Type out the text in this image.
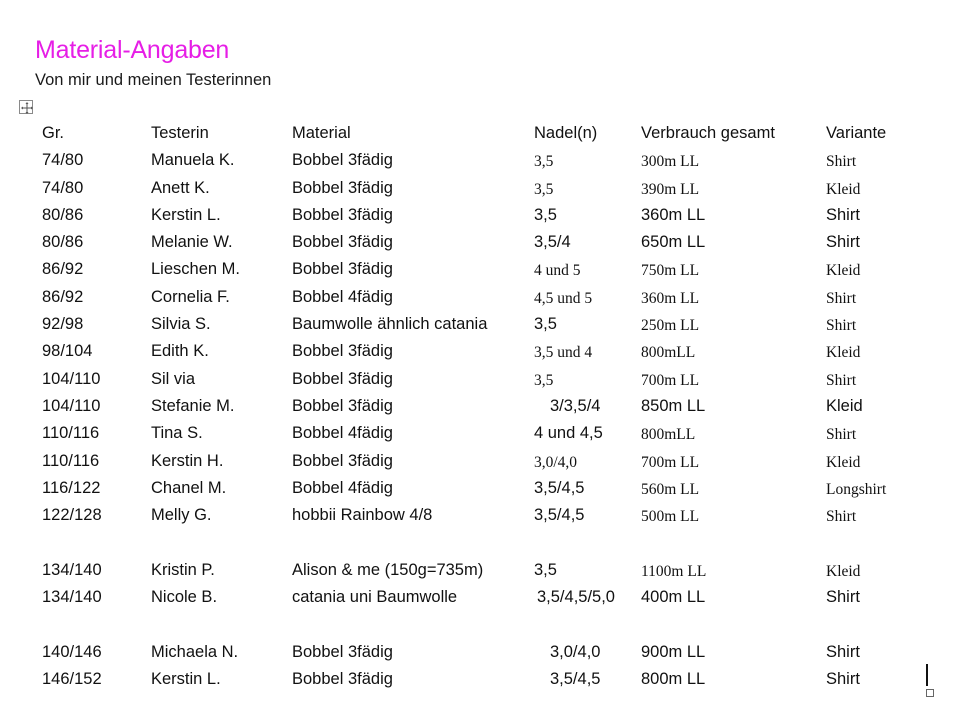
Material-Angaben
Von mir und meinen Testerinnen
Gr.	Testerin	Material	Nadel(n)	Verbrauch gesamt	Variante
74/80	Manuela K.	Bobbel 3fädig	3,5	300m LL	Shirt
74/80	Anett K.	Bobbel 3fädig	3,5	390m LL	Kleid
80/86	Kerstin L.	Bobbel 3fädig	3,5	360m LL	Shirt
80/86	Melanie W.	Bobbel 3fädig	3,5/4	650m LL	Shirt
86/92	Lieschen M.	Bobbel 3fädig	4 und 5	750m LL	Kleid
86/92	Cornelia F.	Bobbel 4fädig	4,5 und 5	360m LL	Shirt
92/98	Silvia S.	Baumwolle ähnlich catania	3,5	250m LL	Shirt
98/104	Edith K.	Bobbel 3fädig	3,5 und 4	800mLL	Kleid
104/110	Sil via	Bobbel 3fädig	3,5	700m LL	Shirt
104/110	Stefanie M.	Bobbel 3fädig	3/3,5/4 850m LL	Kleid
110/116	Tina S.	Bobbel 4fädig	4 und 4,5 800mLL	Shirt
110/116	Kerstin H.	Bobbel 3fädig	3,0/4,0	700m LL	Kleid
116/122	Chanel M.	Bobbel 4fädig	3,5/4,5	560m LL	Longshirt
122/128	Melly G.	hobbii Rainbow 4/8	3,5/4,5	500m LL	Shirt
134/140	Kristin P.	Alison & me (150g=735m)	3,5	1100m LL	Kleid
134/140	Nicole B.	catania uni Baumwolle	3,5/4,5/5,0 400m LL	Shirt
140/146	Michaela N.	Bobbel 3fädig	3,0/4,0 900m LL	Shirt
146/152	Kerstin L.	Bobbel 3fädig	3,5/4,5 800m LL	Shirt
